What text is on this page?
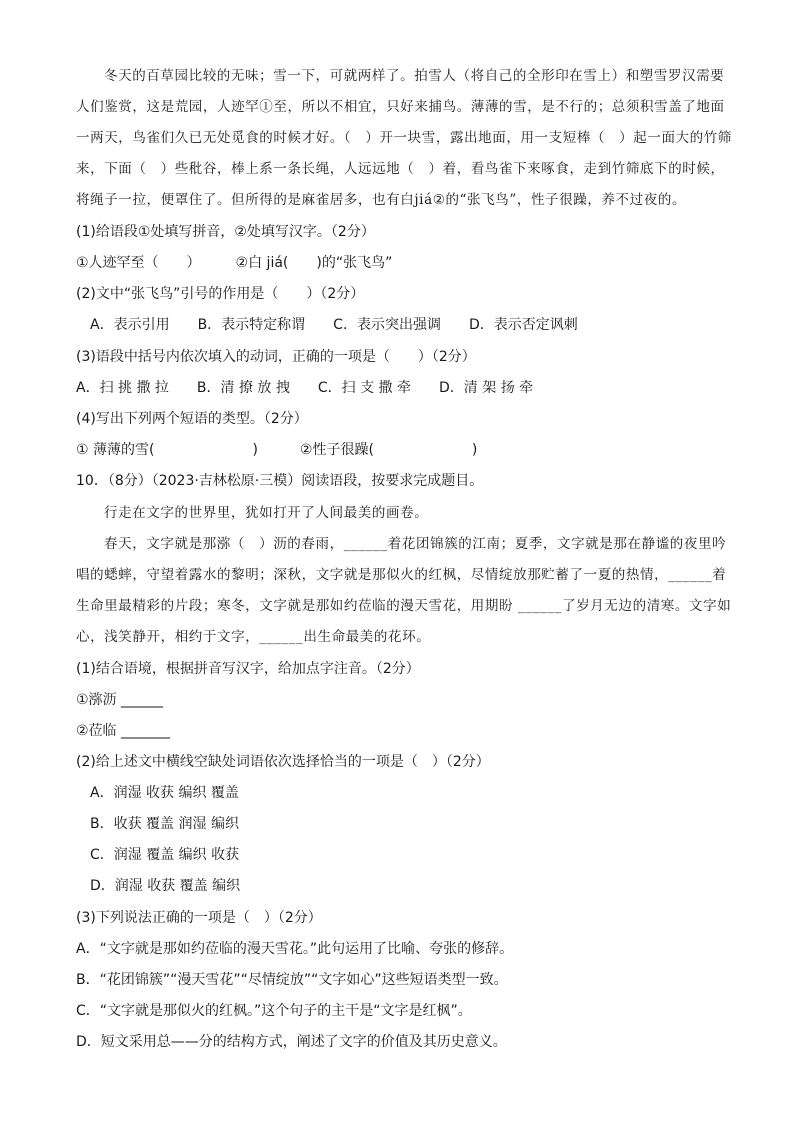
冬天的百草园比较的无味；雪一下，可就两样了。拍雪人（将自己的全形印在雪上）和塑雪罗汉需要
人们鉴赏，这是荒园，人迹罕①至，所以不相宜，只好来捕鸟。薄薄的雪，是不行的；总须积雪盖了地面
一两天，鸟雀们久已无处觅食的时候才好。（　）开一块雪，露出地面，用一支短棒（　）起一面大的竹筛
来，下面（　）些秕谷，棒上系一条长绳，人远远地（　）着，看鸟雀下来啄食，走到竹筛底下的时候，
将绳子一拉，便罩住了。但所得的是麻雀居多，也有白jiá②的“张飞鸟”，性子很躁，养不过夜的。
(1)给语段①处填写拼音，②处填写汉字。（2分）
①人迹罕至（　　）　　　②白 jiá(　　)的“张飞鸟”
(2)文中“张飞鸟”引号的作用是（　　）（2分）
　A．表示引用　　B．表示特定称谓　　C．表示突出强调　　D．表示否定讽刺
(3)语段中括号内依次填入的动词，正确的一项是（　　）（2分）
A．扫 挑 撒 拉　　B．清 撩 放 拽　　C．扫 支 撒 牵　　D．清 架 扬 牵
(4)写出下列两个短语的类型。（2分）
① 薄薄的雪(　　　　　　　)　　　②性子很躁(　　　　　　　)
10．（8分）（2023·吉林松原·三模）阅读语段，按要求完成题目。
行走在文字的世界里，犹如打开了人间最美的画卷。
春天，文字就是那㳽（　）沥的春雨，______着花团锦簇的江南；夏季，文字就是那在静谧的夜里吟
唱的蟋蟀，守望着露水的黎明；深秋，文字就是那似火的红枫，尽情绽放那贮蓄了一夏的热情，______着
生命里最精彩的片段；寒冬，文字就是那如约莅临的漫天雪花，用期盼 ______了岁月无边的清寒。文字如
心，浅笑静开，相约于文字，______出生命最美的花环。
(1)结合语境，根据拼音写汉字，给加点字注音。（2分）
①㳽沥 ______
②莅临 _______
(2)给上述文中横线空缺处词语依次选择恰当的一项是（　）（2分）
　A．润湿 收获 编织 覆盖
　B．收获 覆盖 润湿 编织
　C．润湿 覆盖 编织 收获
　D．润湿 收获 覆盖 编织
(3)下列说法正确的一项是（　）（2分）
A．“文字就是那如约莅临的漫天雪花。”此句运用了比喻、夸张的修辞。
B．“花团锦簇”“漫天雪花”“尽情绽放”“文字如心”这些短语类型一致。
C．“文字就是那似火的红枫。”这个句子的主干是“文字是红枫”。
D．短文采用总——分的结构方式，阐述了文字的价值及其历史意义。
